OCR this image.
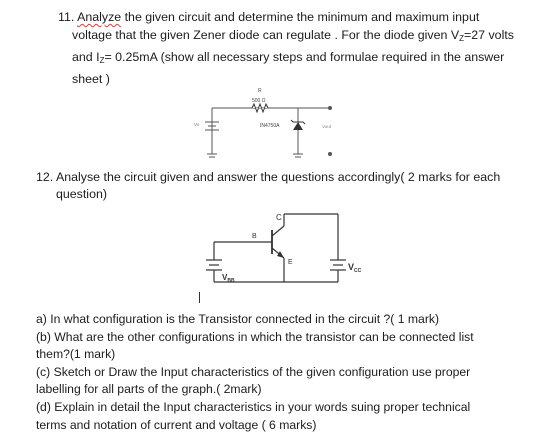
11. Analyze the given circuit and determine the minimum and maximum input
voltage that the given Zener diode can regulate . For the diode given $V_Z=27$ volts
and $I_Z= 0.25mA$ (show all necessary steps and formulae required in the answer
sheet )
R
500 Ω
IN4750A
Vs	Vout
12. Analyse the circuit given and answer the questions accordingly( 2 marks for each
question)
C
B
E
$V_{BB}$
$V_{CC}$
a) In what configuration is the Transistor connected in the circuit ?( 1 mark)
(b) What are the other configurations in which the transistor can be connected list
them?(1 mark)
(c) Sketch or Draw the Input characteristics of the given configuration use proper
labelling for all parts of the graph.( 2mark)
(d) Explain in detail the Input characteristics in your words suing proper technical
terms and notation of current and voltage ( 6 marks)
